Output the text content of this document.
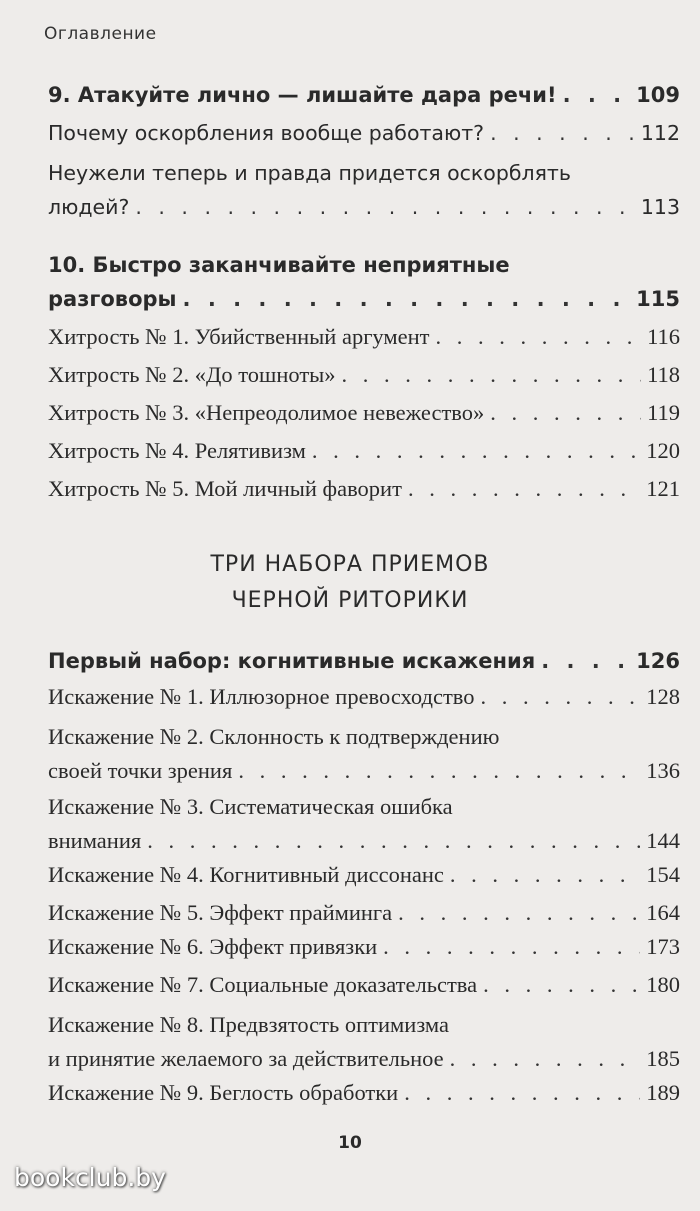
Оглавление
9. Атакуйте лично — лишайте дара речи! . . .	109
Почему оскорбления вообще работают? . . .	112
Неужели теперь и правда придется оскорблять
людей? . . .	113
10. Быстро заканчивайте неприятные
разговоры . . .	115
Хитрость № 1. Убийственный аргумент . . .	116
Хитрость № 2. «До тошноты» . . .	118
Хитрость № 3. «Непреодолимое невежество» . . .	119
Хитрость № 4. Релятивизм . . .	120
Хитрость № 5. Мой личный фаворит . . .	121
ТРИ НАБОРА ПРИЕМОВ
ЧЕРНОЙ РИТОРИКИ
Первый набор: когнитивные искажения . . .	126
Искажение № 1. Иллюзорное превосходство . . .	128
Искажение № 2. Склонность к подтверждению
своей точки зрения . . .	136
Искажение № 3. Систематическая ошибка
внимания . . .	144
Искажение № 4. Когнитивный диссонанс . . .	154
Искажение № 5. Эффект прайминга . . .	164
Искажение № 6. Эффект привязки . . .	173
Искажение № 7. Социальные доказательства . . .	180
Искажение № 8. Предвзятость оптимизма
и принятие желаемого за действительное . . .	185
Искажение № 9. Беглость обработки . . .	189
10
bookclub.by
